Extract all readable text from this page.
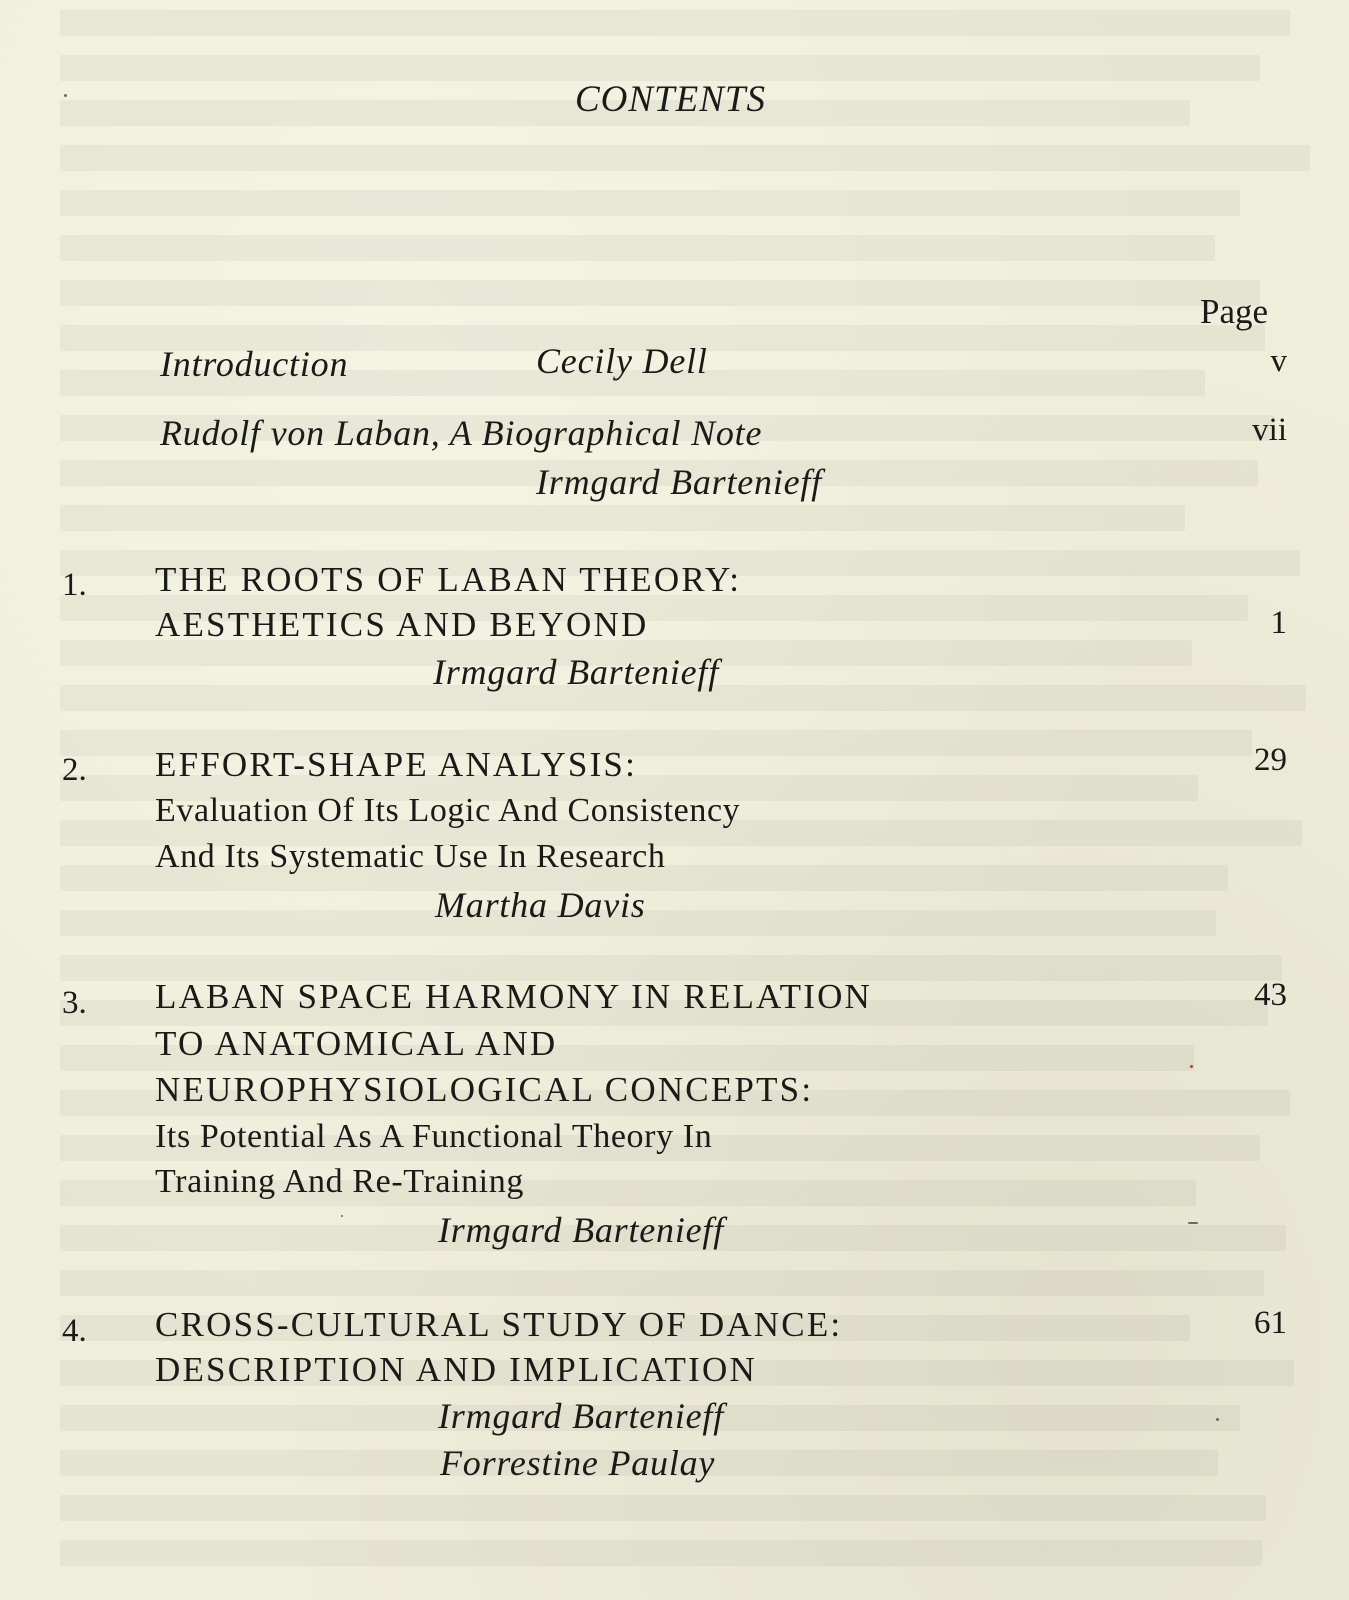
CONTENTS
Page
Introduction	Cecily Dell	v
Rudolf von Laban, A Biographical Note
Irmgard Bartenieff
vii
1. THE ROOTS OF LABAN THEORY:
AESTHETICS AND BEYOND
Irmgard Bartenieff
1
2. EFFORT-SHAPE ANALYSIS:
Evaluation Of Its Logic And Consistency
And Its Systematic Use In Research
Martha Davis
29
3. LABAN SPACE HARMONY IN RELATION
TO ANATOMICAL AND
NEUROPHYSIOLOGICAL CONCEPTS:
Its Potential As A Functional Theory In
Training And Re-Training
Irmgard Bartenieff
43
4. CROSS-CULTURAL STUDY OF DANCE:
DESCRIPTION AND IMPLICATION
Irmgard Bartenieff
Forrestine Paulay
61
